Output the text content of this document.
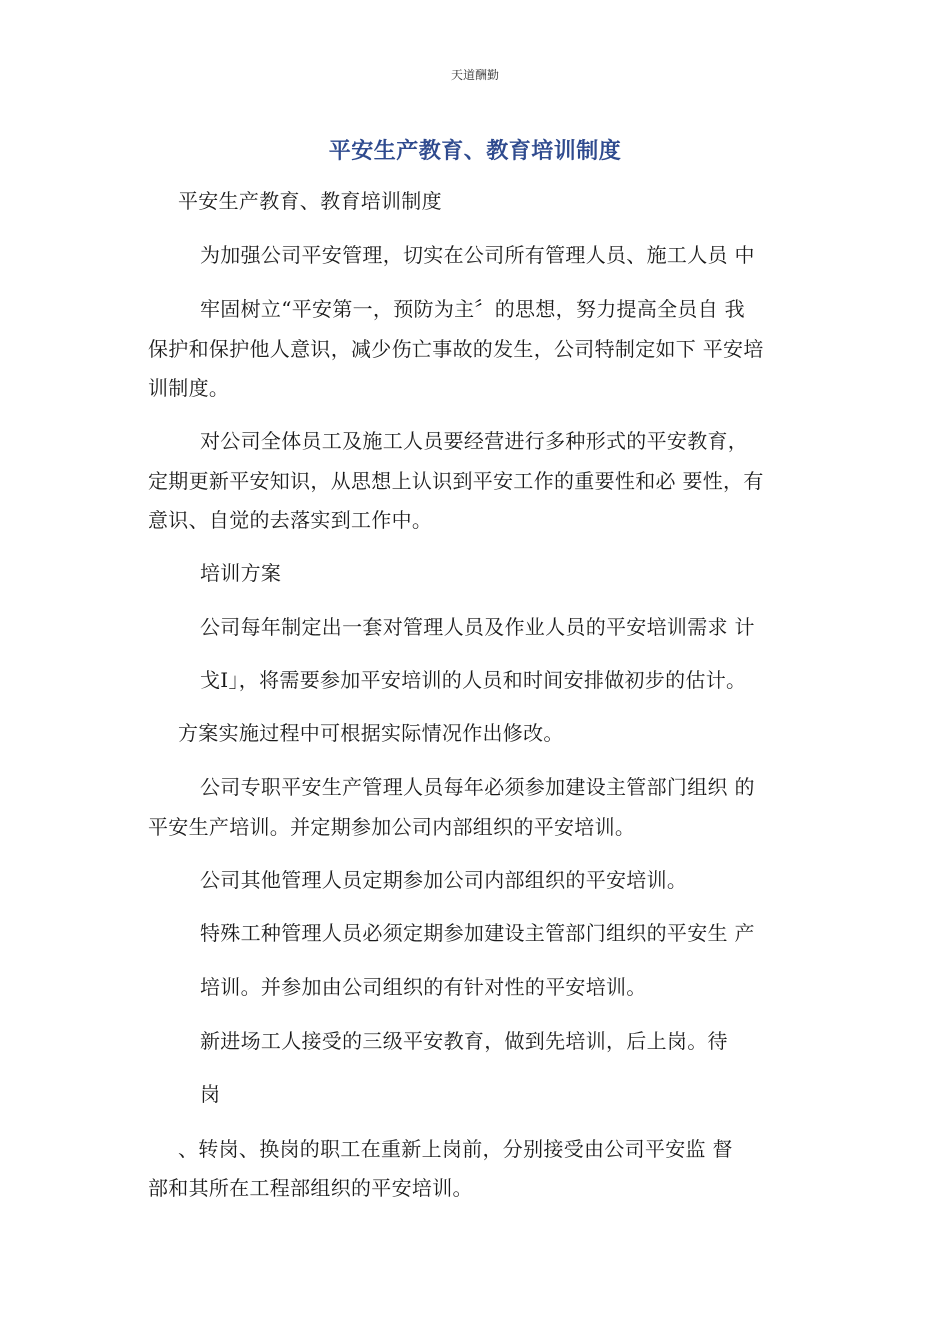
天道酬勤
平安生产教育、教育培训制度
平安生产教育、教育培训制度
为加强公司平安管理，切实在公司所有管理人员、施工人员 中
牢固树立“平安第一，预防为主〞的思想，努力提高全员自 我
保护和保护他人意识，减少伤亡事故的发生，公司特制定如下 平安培
训制度。
对公司全体员工及施工人员要经营进行多种形式的平安教育，
定期更新平安知识，从思想上认识到平安工作的重要性和必 要性，有
意识、自觉的去落实到工作中。
培训方案
公司每年制定出一套对管理人员及作业人员的平安培训需求 计
戈I」，将需要参加平安培训的人员和时间安排做初步的估计。
方案实施过程中可根据实际情况作出修改。
公司专职平安生产管理人员每年必须参加建设主管部门组织 的
平安生产培训。并定期参加公司内部组织的平安培训。
公司其他管理人员定期参加公司内部组织的平安培训。
特殊工种管理人员必须定期参加建设主管部门组织的平安生 产
培训。并参加由公司组织的有针对性的平安培训。
新进场工人接受的三级平安教育，做到先培训，后上岗。待
岗
、转岗、换岗的职工在重新上岗前，分别接受由公司平安监 督
部和其所在工程部组织的平安培训。
